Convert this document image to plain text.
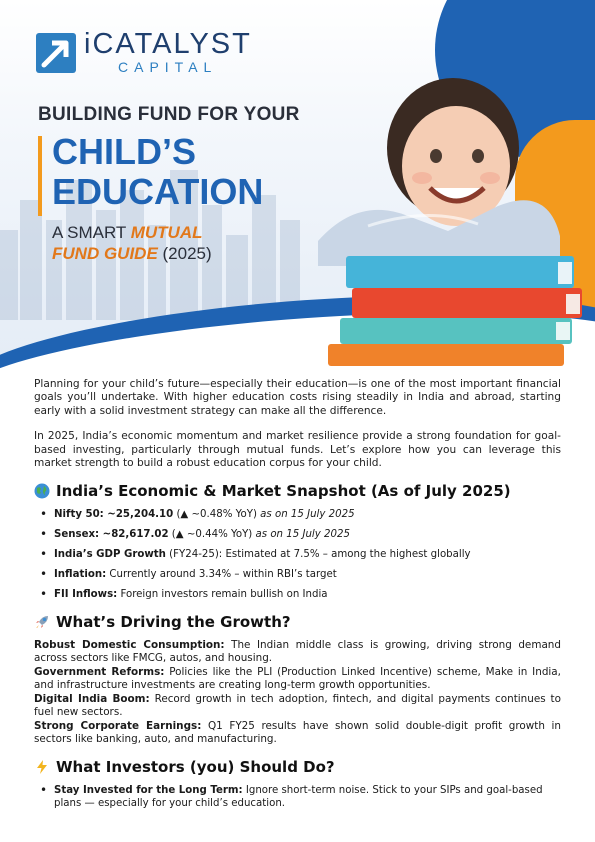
iCATALYST
CAPITAL
BUILDING FUND FOR YOUR
CHILD’S
EDUCATION
A SMART MUTUAL
FUND GUIDE (2025)

Planning for your child’s future—especially their education—is one of the most important financial goals you’ll undertake. With higher education costs rising steadily in India and abroad, starting early with a solid investment strategy can make all the difference.

In 2025, India’s economic momentum and market resilience provide a strong foundation for goal-based investing, particularly through mutual funds. Let’s explore how you can leverage this market strength to build a robust education corpus for your child.

India’s Economic & Market Snapshot (As of July 2025)
• Nifty 50: ~25,204.10 (▲ ~0.48% YoY) as on 15 July 2025
• Sensex: ~82,617.02 (▲ ~0.44% YoY) as on 15 July 2025
• India’s GDP Growth (FY24-25): Estimated at 7.5% – among the highest globally
• Inflation: Currently around 3.34% – within RBI’s target
• FII Inflows: Foreign investors remain bullish on India
What’s Driving the Growth?

Robust Domestic Consumption: The Indian middle class is growing, driving strong demand across sectors like FMCG, autos, and housing.

Government Reforms: Policies like the PLI (Production Linked Incentive) scheme, Make in India, and infrastructure investments are creating long-term growth opportunities.

Digital India Boom: Record growth in tech adoption, fintech, and digital payments continues to fuel new sectors.

Strong Corporate Earnings: Q1 FY25 results have shown solid double-digit profit growth in sectors like banking, auto, and manufacturing.

What Investors (you) Should Do?
• Stay Invested for the Long Term: Ignore short-term noise. Stick to your SIPs and goal-based plans — especially for your child’s education.
